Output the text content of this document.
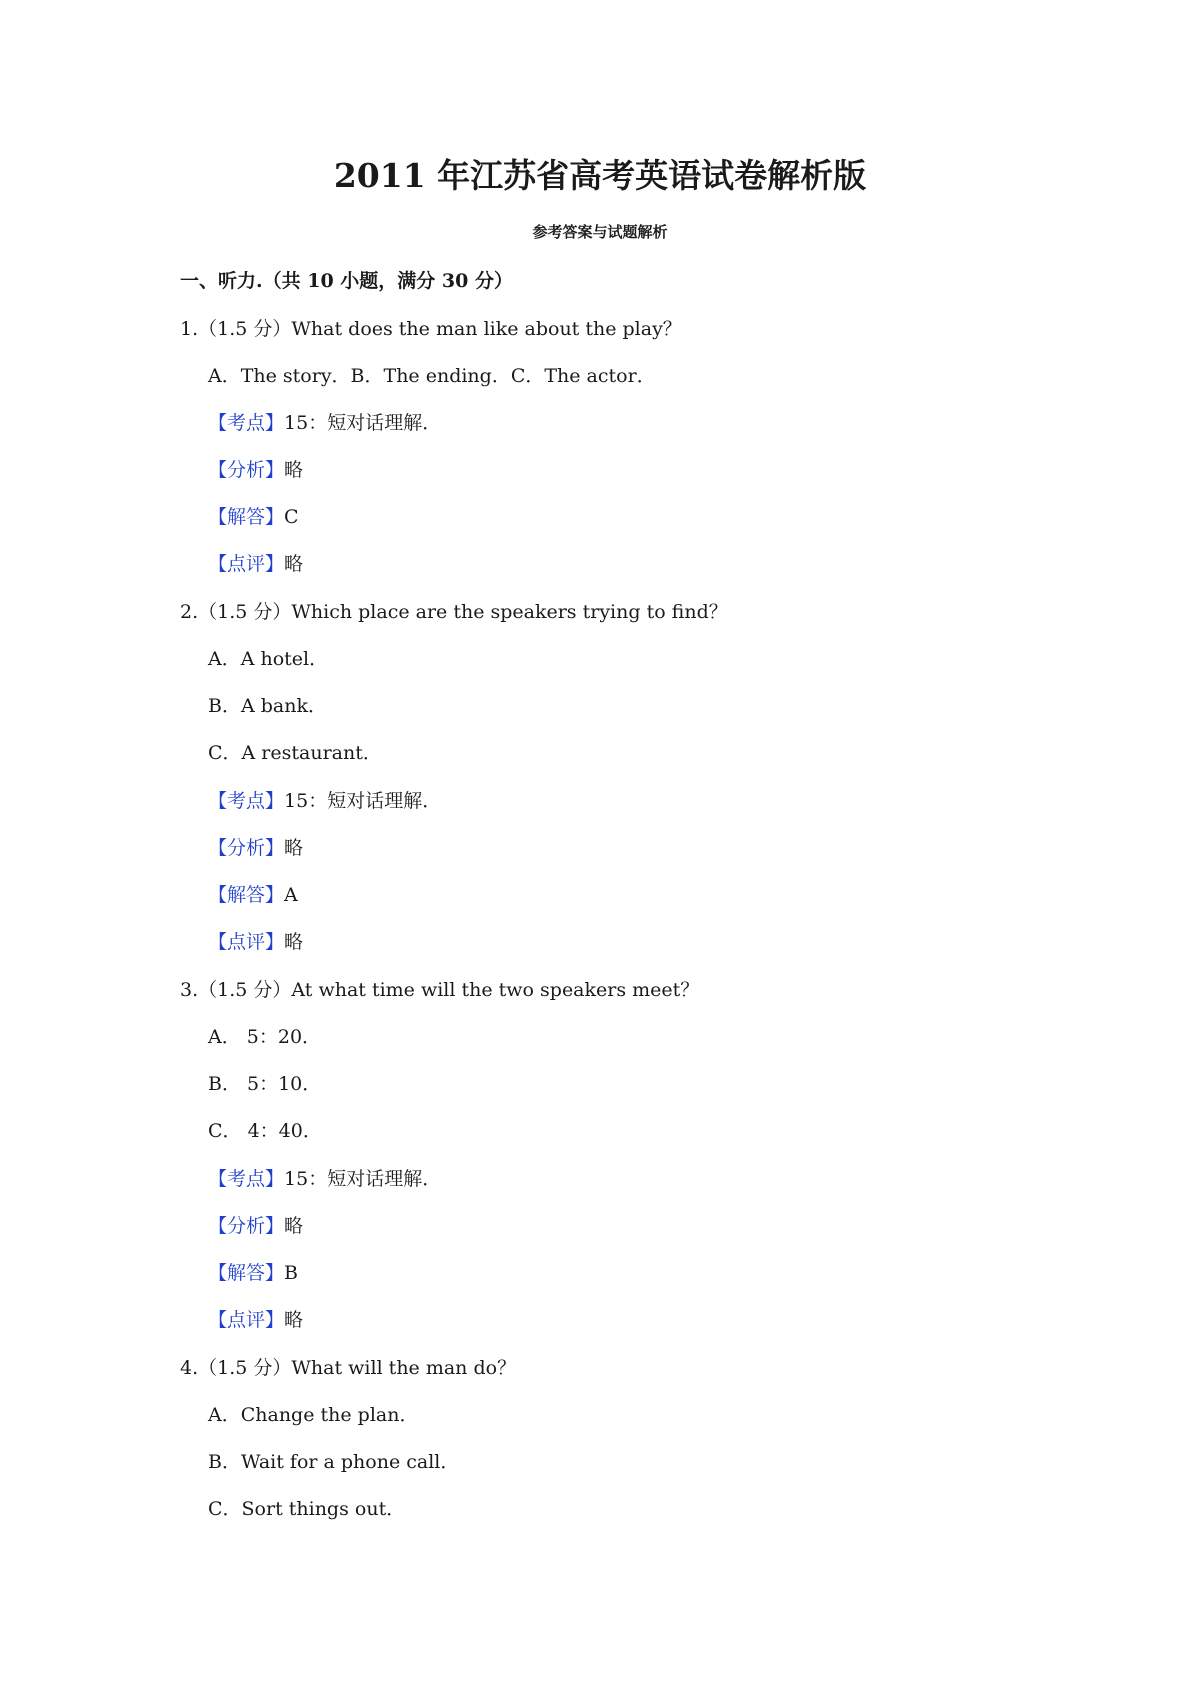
2011 年江苏省高考英语试卷解析版
参考答案与试题解析
一、听力.（共 10 小题，满分 30 分）
1.（1.5 分）What does the man like about the play？
A．The story．B．The ending．C．The actor．
【考点】15：短对话理解．
【分析】略
【解答】C
【点评】略
2.（1.5 分）Which place are the speakers trying to find？
A．A hotel．
B．A bank．
C．A restaurant．
【考点】15：短对话理解．
【分析】略
【解答】A
【点评】略
3.（1.5 分）At what time will the two speakers meet？
A． 5：20．
B． 5：10．
C． 4：40．
【考点】15：短对话理解．
【分析】略
【解答】B
【点评】略
4.（1.5 分）What will the man do？
A．Change the plan．
B．Wait for a phone call．
C．Sort things out．
